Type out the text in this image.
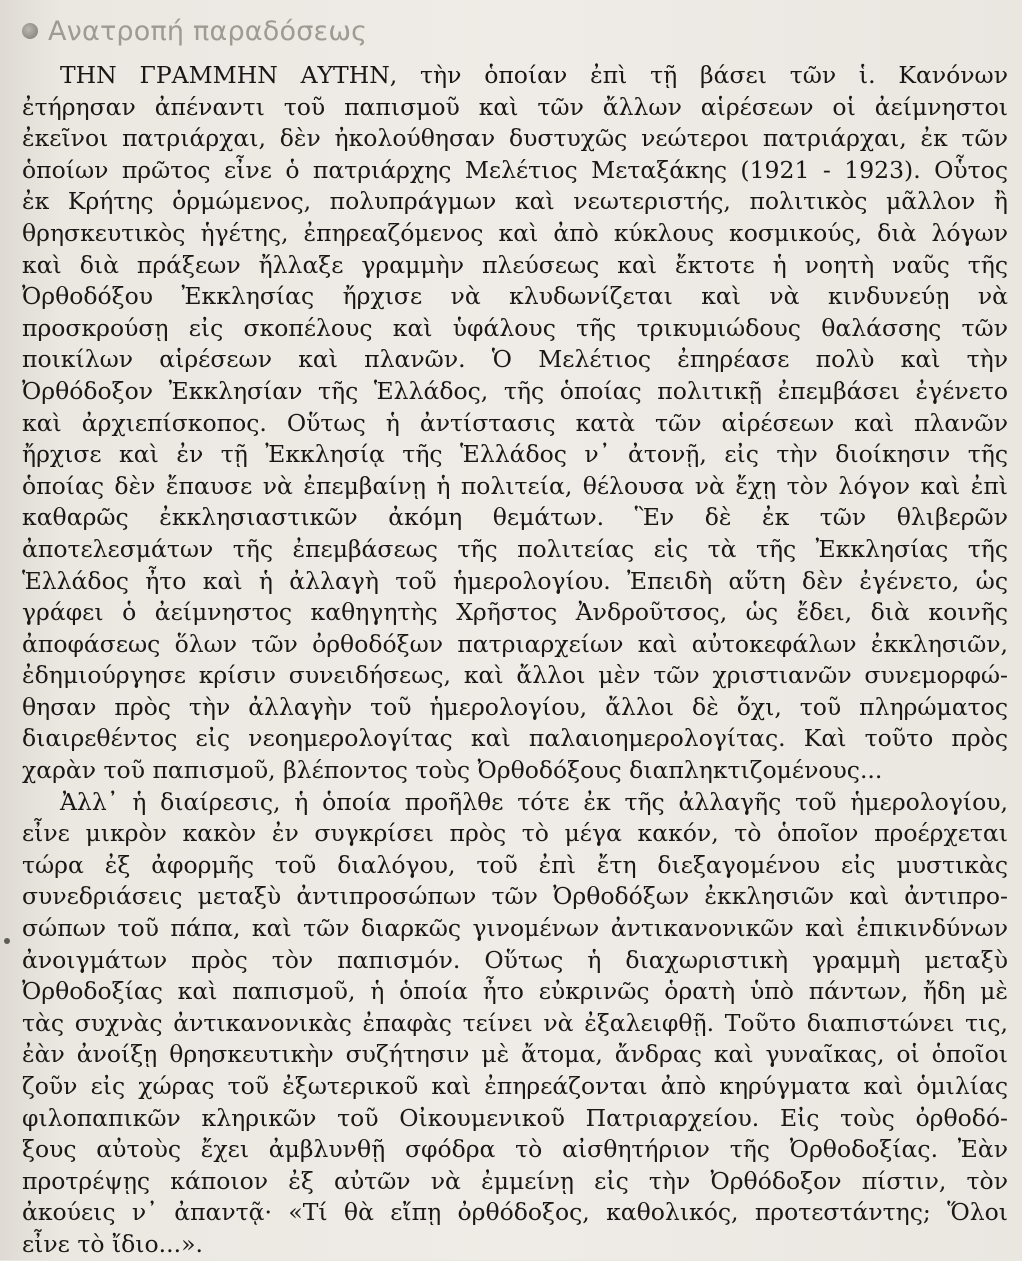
Ανατροπή παραδόσεως
ΤΗΝ ΓΡΑΜΜΗΝ ΑΥΤΗΝ, τὴν ὁποίαν ἐπὶ τῇ βάσει τῶν ἱ. Κανόνων
ἐτήρησαν ἀπέναντι τοῦ παπισμοῦ καὶ τῶν ἄλλων αἱρέσεων οἱ ἀείμνηστοι
ἐκεῖνοι πατριάρχαι, δὲν ἠκολούθησαν δυστυχῶς νεώτεροι πατριάρχαι, ἐκ τῶν
ὁποίων πρῶτος εἶνε ὁ πατριάρχης Μελέτιος Μεταξάκης (1921 - 1923). Οὗτος
ἐκ Κρήτης ὁρμώμενος, πολυπράγμων καὶ νεωτεριστής, πολιτικὸς μᾶλλον ἢ
θρησκευτικὸς ἡγέτης, ἐπηρεαζόμενος καὶ ἀπὸ κύκλους κοσμικούς, διὰ λόγων
καὶ διὰ πράξεων ἤλλαξε γραμμὴν πλεύσεως καὶ ἔκτοτε ἡ νοητὴ ναῦς τῆς
Ὀρθοδόξου Ἐκκλησίας ἤρχισε νὰ κλυδωνίζεται καὶ νὰ κινδυνεύῃ νὰ
προσκρούσῃ εἰς σκοπέλους καὶ ὑφάλους τῆς τρικυμιώδους θαλάσσης τῶν
ποικίλων αἱρέσεων καὶ πλανῶν. Ὁ Μελέτιος ἐπηρέασε πολὺ καὶ τὴν
Ὀρθόδοξον Ἐκκλησίαν τῆς Ἑλλάδος, τῆς ὁποίας πολιτικῇ ἐπεμβάσει ἐγένετο
καὶ ἀρχιεπίσκοπος. Οὕτως ἡ ἀντίστασις κατὰ τῶν αἱρέσεων καὶ πλανῶν
ἤρχισε καὶ ἐν τῇ Ἐκκλησίᾳ τῆς Ἑλλάδος ν᾽ ἀτονῇ, εἰς τὴν διοίκησιν τῆς
ὁποίας δὲν ἔπαυσε νὰ ἐπεμβαίνῃ ἡ πολιτεία, θέλουσα νὰ ἔχῃ τὸν λόγον καὶ ἐπὶ
καθαρῶς ἐκκλησιαστικῶν ἀκόμη θεμάτων. Ἓν δὲ ἐκ τῶν θλιβερῶν
ἀποτελεσμάτων τῆς ἐπεμβάσεως τῆς πολιτείας εἰς τὰ τῆς Ἐκκλησίας τῆς
Ἑλλάδος ἦτο καὶ ἡ ἀλλαγὴ τοῦ ἡμερολογίου. Ἐπειδὴ αὕτη δὲν ἐγένετο, ὡς
γράφει ὁ ἀείμνηστος καθηγητὴς Χρῆστος Ἀνδροῦτσος, ὡς ἔδει, διὰ κοινῆς
ἀποφάσεως ὅλων τῶν ὀρθοδόξων πατριαρχείων καὶ αὐτοκεφάλων ἐκκλησιῶν,
ἐδημιούργησε κρίσιν συνειδήσεως, καὶ ἄλλοι μὲν τῶν χριστιανῶν συνεμορφώ-
θησαν πρὸς τὴν ἀλλαγὴν τοῦ ἡμερολογίου, ἄλλοι δὲ ὄχι, τοῦ πληρώματος
διαιρεθέντος εἰς νεοημερολογίτας καὶ παλαιοημερολογίτας. Καὶ τοῦτο πρὸς
χαρὰν τοῦ παπισμοῦ, βλέποντος τοὺς Ὀρθοδόξους διαπληκτιζομένους...
Ἀλλ᾽ ἡ διαίρεσις, ἡ ὁποία προῆλθε τότε ἐκ τῆς ἀλλαγῆς τοῦ ἡμερολογίου,
εἶνε μικρὸν κακὸν ἐν συγκρίσει πρὸς τὸ μέγα κακόν, τὸ ὁποῖον προέρχεται
τώρα ἐξ ἀφορμῆς τοῦ διαλόγου, τοῦ ἐπὶ ἔτη διεξαγομένου εἰς μυστικὰς
συνεδριάσεις μεταξὺ ἀντιπροσώπων τῶν Ὀρθοδόξων ἐκκλησιῶν καὶ ἀντιπρο-
σώπων τοῦ πάπα, καὶ τῶν διαρκῶς γινομένων ἀντικανονικῶν καὶ ἐπικινδύνων
ἀνοιγμάτων πρὸς τὸν παπισμόν. Οὕτως ἡ διαχωριστικὴ γραμμὴ μεταξὺ
Ὀρθοδοξίας καὶ παπισμοῦ, ἡ ὁποία ἦτο εὐκρινῶς ὁρατὴ ὑπὸ πάντων, ἤδη μὲ
τὰς συχνὰς ἀντικανονικὰς ἐπαφὰς τείνει νὰ ἐξαλειφθῇ. Τοῦτο διαπιστώνει τις,
ἐὰν ἀνοίξῃ θρησκευτικὴν συζήτησιν μὲ ἄτομα, ἄνδρας καὶ γυναῖκας, οἱ ὁποῖοι
ζοῦν εἰς χώρας τοῦ ἐξωτερικοῦ καὶ ἐπηρεάζονται ἀπὸ κηρύγματα καὶ ὁμιλίας
φιλοπαπικῶν κληρικῶν τοῦ Οἰκουμενικοῦ Πατριαρχείου. Εἰς τοὺς ὀρθοδό-
ξους αὐτοὺς ἔχει ἀμβλυνθῇ σφόδρα τὸ αἰσθητήριον τῆς Ὀρθοδοξίας. Ἐὰν
προτρέψῃς κάποιον ἐξ αὐτῶν νὰ ἐμμείνῃ εἰς τὴν Ὀρθόδοξον πίστιν, τὸν
ἀκούεις ν᾽ ἀπαντᾷ· «Τί θὰ εἴπῃ ὀρθόδοξος, καθολικός, προτεστάντης; Ὅλοι
εἶνε τὸ ἴδιο...».
